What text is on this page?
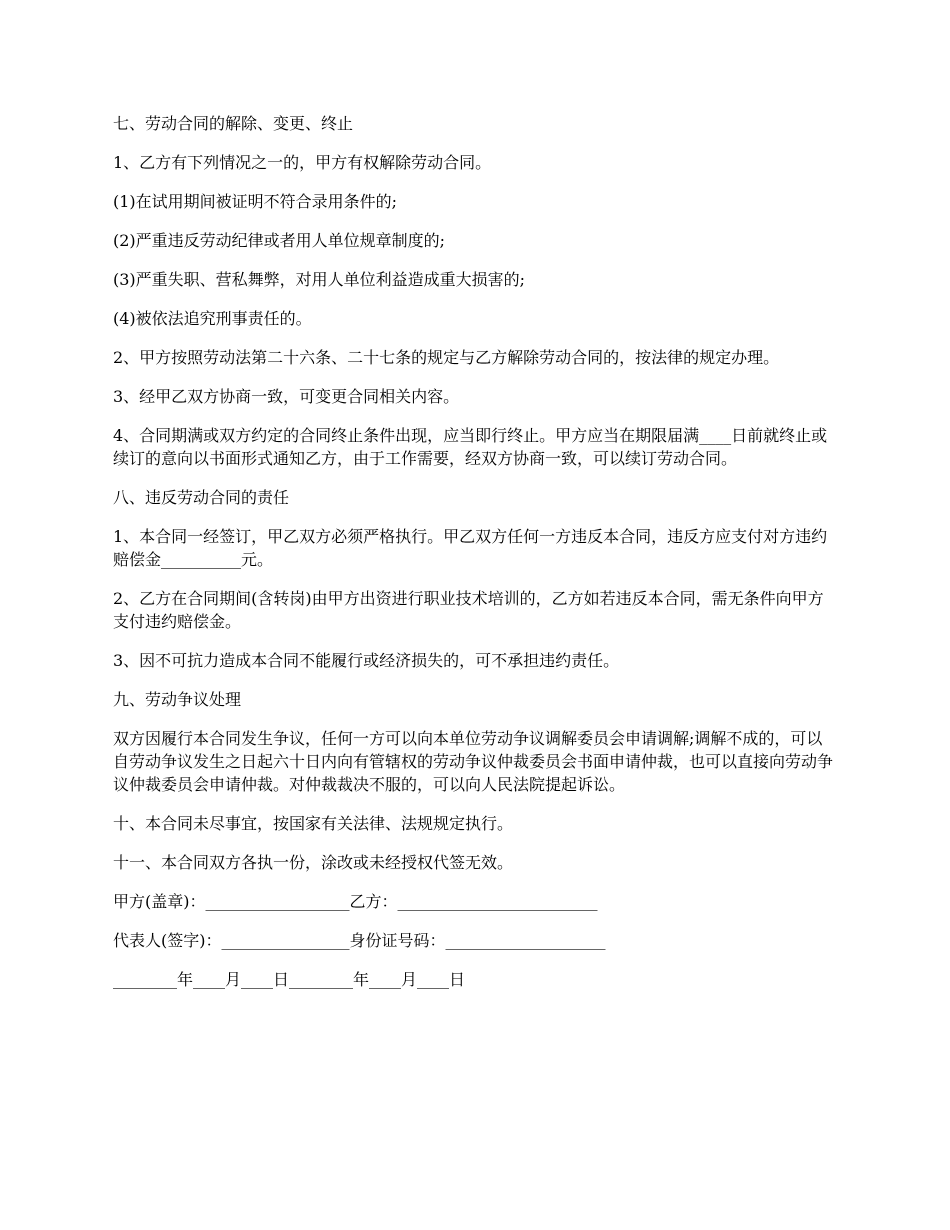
七、劳动合同的解除、变更、终止

1、乙方有下列情况之一的，甲方有权解除劳动合同。

(1)在试用期间被证明不符合录用条件的;

(2)严重违反劳动纪律或者用人单位规章制度的;

(3)严重失职、营私舞弊，对用人单位利益造成重大损害的;

(4)被依法追究刑事责任的。

2、甲方按照劳动法第二十六条、二十七条的规定与乙方解除劳动合同的，按法律的规定办理。

3、经甲乙双方协商一致，可变更合同相关内容。

4、合同期满或双方约定的合同终止条件出现，应当即行终止。甲方应当在期限届满____日前就终止或续订的意向以书面形式通知乙方，由于工作需要，经双方协商一致，可以续订劳动合同。

八、违反劳动合同的责任

1、本合同一经签订，甲乙双方必须严格执行。甲乙双方任何一方违反本合同，违反方应支付对方违约赔偿金__________元。

2、乙方在合同期间(含转岗)由甲方出资进行职业技术培训的，乙方如若违反本合同，需无条件向甲方支付违约赔偿金。

3、因不可抗力造成本合同不能履行或经济损失的，可不承担违约责任。

九、劳动争议处理

双方因履行本合同发生争议，任何一方可以向本单位劳动争议调解委员会申请调解;调解不成的，可以自劳动争议发生之日起六十日内向有管辖权的劳动争议仲裁委员会书面申请仲裁，也可以直接向劳动争议仲裁委员会申请仲裁。对仲裁裁决不服的，可以向人民法院提起诉讼。

十、本合同未尽事宜，按国家有关法律、法规规定执行。

十一、本合同双方各执一份，涂改或未经授权代签无效。

甲方(盖章)：__________________乙方：_________________________

代表人(签字)：________________身份证号码：____________________

________年____月____日________年____月____日
